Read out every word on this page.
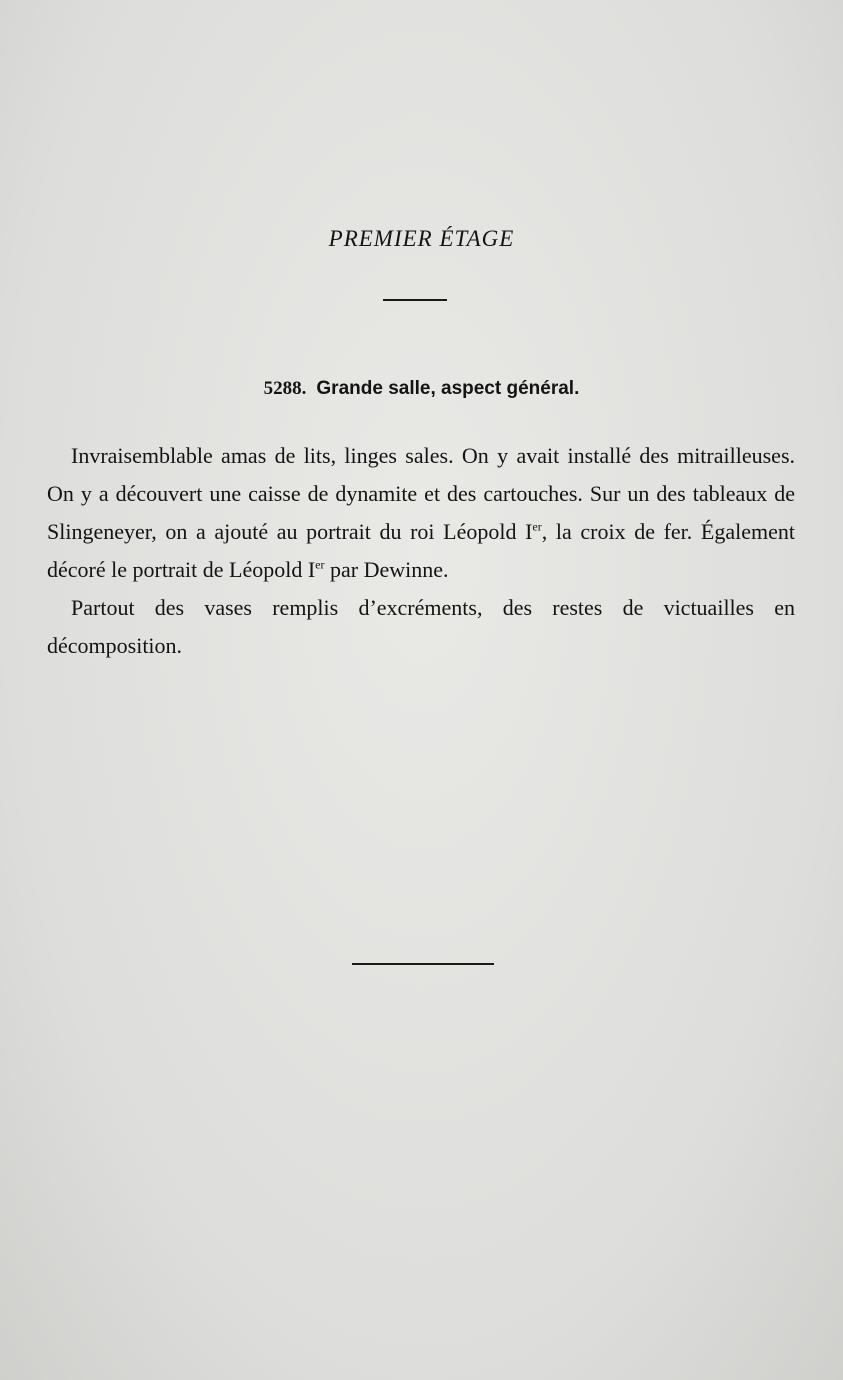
PREMIER ÉTAGE
5288. Grande salle, aspect général.

Invraisemblable amas de lits, linges sales. On y avait installé des mitrailleuses. On y a découvert une caisse de dynamite et des cartouches. Sur un des tableaux de Slingeneyer, on a ajouté au portrait du roi Léopold Ier, la croix de fer. Également décoré le portrait de Léopold Ier par Dewinne.

Partout des vases remplis d’excréments, des restes de victuailles en décomposition.
